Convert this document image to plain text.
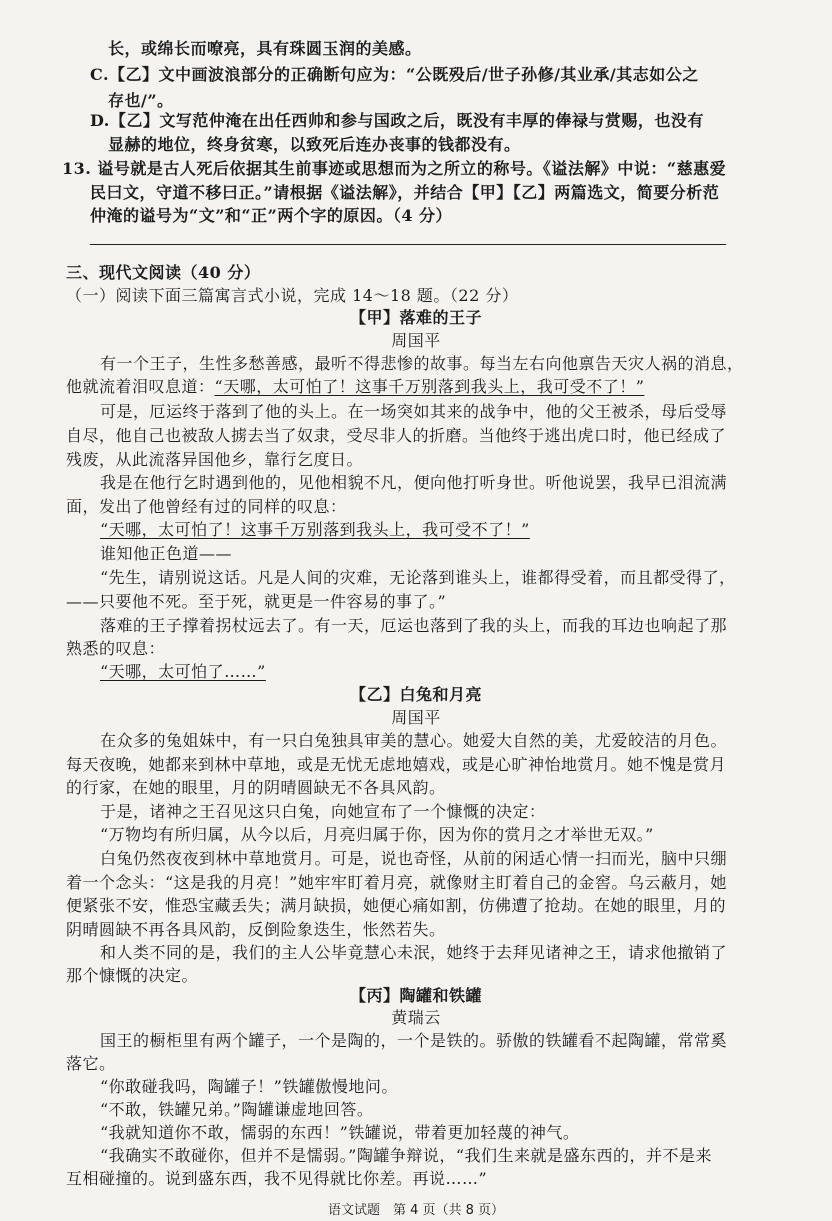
长，或绵长而嘹亮，具有珠圆玉润的美感。
C.【乙】文中画波浪部分的正确断句应为：“公既殁后/世子孙修/其业承/其志如公之
存也/”。
D.【乙】文写范仲淹在出任西帅和参与国政之后，既没有丰厚的俸禄与赏赐，也没有
显赫的地位，终身贫寒，以致死后连办丧事的钱都没有。
13. 谥号就是古人死后依据其生前事迹或思想而为之所立的称号。《谥法解》中说：“慈惠爱
民曰文，守道不移曰正。”请根据《谥法解》，并结合【甲】【乙】两篇选文，简要分析范
仲淹的谥号为“文”和“正”两个字的原因。（4 分）
三、现代文阅读（40 分）
（一）阅读下面三篇寓言式小说，完成 14～18 题。（22 分）
【甲】落难的王子
周国平
有一个王子，生性多愁善感，最听不得悲惨的故事。每当左右向他禀告天灾人祸的消息，
他就流着泪叹息道：“天哪，太可怕了！这事千万别落到我头上，我可受不了！”
可是，厄运终于落到了他的头上。在一场突如其来的战争中，他的父王被杀，母后受辱
自尽，他自己也被敌人掳去当了奴隶，受尽非人的折磨。当他终于逃出虎口时，他已经成了
残废，从此流落异国他乡，靠行乞度日。
我是在他行乞时遇到他的，见他相貌不凡，便向他打听身世。听他说罢，我早已泪流满
面，发出了他曾经有过的同样的叹息：
“天哪，太可怕了！这事千万别落到我头上，我可受不了！”
谁知他正色道——
“先生，请别说这话。凡是人间的灾难，无论落到谁头上，谁都得受着，而且都受得了，
——只要他不死。至于死，就更是一件容易的事了。”
落难的王子撑着拐杖远去了。有一天，厄运也落到了我的头上，而我的耳边也响起了那
熟悉的叹息：
“天哪，太可怕了……”
【乙】白兔和月亮
周国平
在众多的兔姐妹中，有一只白兔独具审美的慧心。她爱大自然的美，尤爱皎洁的月色。
每天夜晚，她都来到林中草地，或是无忧无虑地嬉戏，或是心旷神怡地赏月。她不愧是赏月
的行家，在她的眼里，月的阴晴圆缺无不各具风韵。
于是，诸神之王召见这只白兔，向她宣布了一个慷慨的决定：
“万物均有所归属，从今以后，月亮归属于你，因为你的赏月之才举世无双。”
白兔仍然夜夜到林中草地赏月。可是，说也奇怪，从前的闲适心情一扫而光，脑中只绷
着一个念头：“这是我的月亮！”她牢牢盯着月亮，就像财主盯着自己的金窖。乌云蔽月，她
便紧张不安，惟恐宝藏丢失；满月缺损，她便心痛如割，仿佛遭了抢劫。在她的眼里，月的
阴晴圆缺不再各具风韵，反倒险象迭生，怅然若失。
和人类不同的是，我们的主人公毕竟慧心未泯，她终于去拜见诸神之王，请求他撤销了
那个慷慨的决定。
【丙】陶罐和铁罐
黄瑞云
国王的橱柜里有两个罐子，一个是陶的，一个是铁的。骄傲的铁罐看不起陶罐，常常奚
落它。
“你敢碰我吗，陶罐子！”铁罐傲慢地问。
“不敢，铁罐兄弟。”陶罐谦虚地回答。
“我就知道你不敢，懦弱的东西！”铁罐说，带着更加轻蔑的神气。
“我确实不敢碰你，但并不是懦弱。”陶罐争辩说，“我们生来就是盛东西的，并不是来
互相碰撞的。说到盛东西，我不见得就比你差。再说……”
语文试题　第 4 页（共 8 页）
